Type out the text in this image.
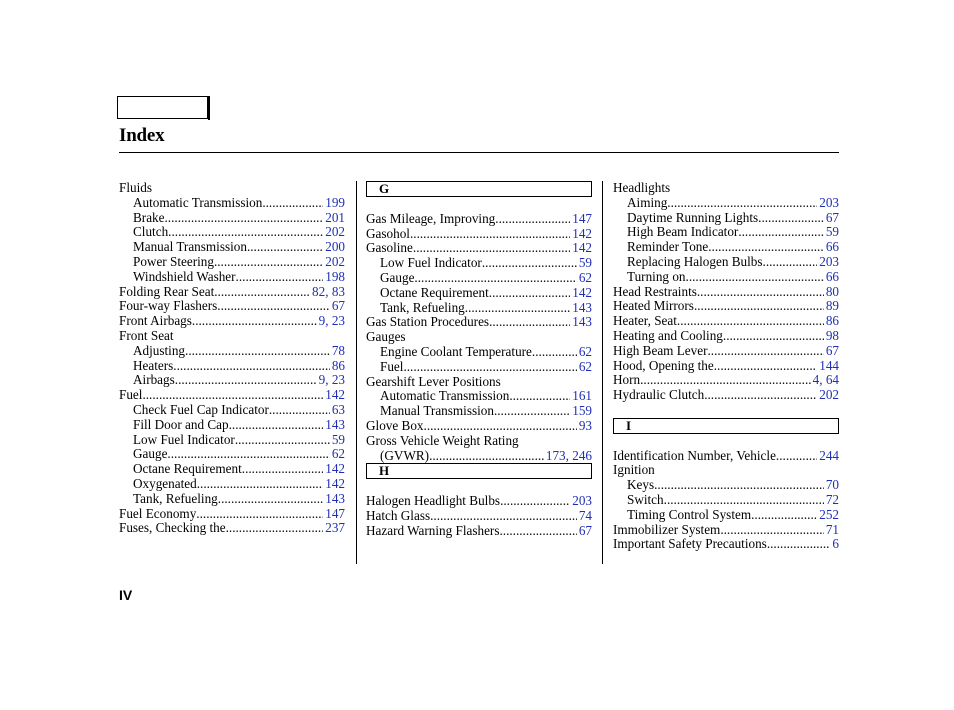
Index
Fluids
Automatic Transmission .....	199
Brake .....	201
Clutch .....	202
Manual Transmission .....	200
Power Steering .....	202
Windshield Washer .....	198
Folding Rear Seat .....	82, 83
Four-way Flashers .....	67
Front Airbags .....	9, 23
Front Seat
Adjusting .....	78
Heaters .....	86
Airbags .....	9, 23
Fuel .....	142
Check Fuel Cap Indicator .....	63
Fill Door and Cap .....	143
Low Fuel Indicator .....	59
Gauge .....	62
Octane Requirement .....	142
Oxygenated .....	142
Tank, Refueling .....	143
Fuel Economy .....	147
Fuses, Checking the .....	237
G
Gas Mileage, Improving .....	147
Gasohol .....	142
Gasoline .....	142
Low Fuel Indicator .....	59
Gauge .....	62
Octane Requirement .....	142
Tank, Refueling .....	143
Gas Station Procedures .....	143
Gauges
Engine Coolant Temperature .....	62
Fuel .....	62
Gearshift Lever Positions
Automatic Transmission .....	161
Manual Transmission .....	159
Glove Box .....	93
Gross Vehicle Weight Rating
(GVWR) .....	173, 246
H
Halogen Headlight Bulbs .....	203
Hatch Glass .....	74
Hazard Warning Flashers .....	67
Headlights
Aiming .....	203
Daytime Running Lights .....	67
High Beam Indicator .....	59
Reminder Tone .....	66
Replacing Halogen Bulbs .....	203
Turning on .....	66
Head Restraints .....	80
Heated Mirrors .....	89
Heater, Seat .....	86
Heating and Cooling .....	98
High Beam Lever .....	67
Hood, Opening the .....	144
Horn .....	4, 64
Hydraulic Clutch .....	202
I
Identification Number, Vehicle .....	244
Ignition
Keys .....	70
Switch .....	72
Timing Control System .....	252
Immobilizer System .....	71
Important Safety Precautions .....	6
IV
